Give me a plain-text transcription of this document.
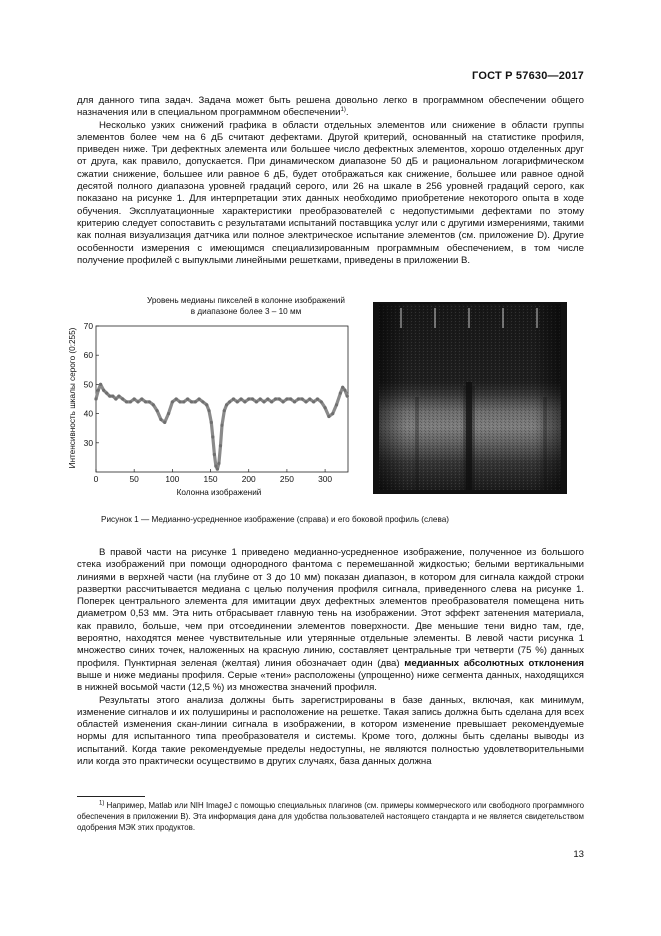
ГОСТ Р 57630—2017

для данного типа задач. Задача может быть решена довольно легко в программном обеспечении общего назначения или в специальном программном обеспечении$^{1)}$.

Несколько узких снижений графика в области отдельных элементов или снижение в области группы элементов более чем на 6 дБ считают дефектами. Другой критерий, основанный на статистике профиля, приведен ниже. Три дефектных элемента или большее число дефектных элементов, хорошо отделенных друг от друга, как правило, допускается. При динамическом диапазоне 50 дБ и рациональном логарифмическом сжатии снижение, большее или равное 6 дБ, будет отображаться как снижение, большее или равное одной десятой полного диапазона уровней градаций серого, или 26 на шкале в 256 уровней градаций серого, как показано на рисунке 1. Для интерпретации этих данных необходимо приобретение некоторого опыта в ходе обучения. Эксплуатационные характеристики преобразователей с недопустимыми дефектами по этому критерию следует сопоставить с результатами испытаний поставщика услуг или с другими измерениями, такими как полная визуализация датчика или полное электрическое испытание элементов (см. приложение D). Другие особенности измерения с имеющимся специализированным программным обеспечением, в том числе получение профилей с выпуклыми линейными решетками, приведены в приложении В.

Уровень медианы пикселей в колонне изображений
в диапазоне более 3 – 10 мм
Интенсивность шкалы серого (0:255)
Колонна изображений
0	50	100	150	200	250	300
30
40
50
60
70
Рисунок 1 — Медианно-усредненное изображение (справа) и его боковой профиль (слева)

В правой части на рисунке 1 приведено медианно-усредненное изображение, полученное из большого стека изображений при помощи однородного фантома с перемешанной жидкостью; белыми вертикальными линиями в верхней части (на глубине от 3 до 10 мм) показан диапазон, в котором для сигнала каждой строки развертки рассчитывается медиана с целью получения профиля сигнала, приведенного слева на рисунке 1. Поперек центрального элемента для имитации двух дефектных элементов преобразователя помещена нить диаметром 0,53 мм. Эта нить отбрасывает главную тень на изображении. Этот эффект затенения материала, как правило, больше, чем при отсоединении элементов поверхности. Две меньшие тени видно там, где, вероятно, находятся менее чувствительные или утерянные отдельные элементы. В левой части рисунка 1 множество синих точек, наложенных на красную линию, составляет центральные три четверти (75 %) данных профиля. Пунктирная зеленая (желтая) линия обозначает один (два) медианных абсолютных отклонения выше и ниже медианы профиля. Серые «тени» расположены (упрощенно) ниже сегмента данных, находящихся в нижней восьмой части (12,5 %) из множества значений профиля.

Результаты этого анализа должны быть зарегистрированы в базе данных, включая, как минимум, изменение сигналов и их полуширины и расположение на решетке. Такая запись должна быть сделана для всех областей изменения скан-линии сигнала в изображении, в котором изменение превышает рекомендуемые нормы для испытанного типа преобразователя и системы. Кроме того, должны быть сделаны выводы из испытаний. Когда такие рекомендуемые пределы недоступны, не являются полностью удовлетворительными или когда это практически осуществимо в других случаях, база данных должна

$^{1)}$ Например, Matlab или NIH ImageJ с помощью специальных плагинов (см. примеры коммерческого или свободного программного обеспечения в приложении В). Эта информация дана для удобства пользователей настоящего стандарта и не является свидетельством одобрения МЭК этих продуктов.

13
